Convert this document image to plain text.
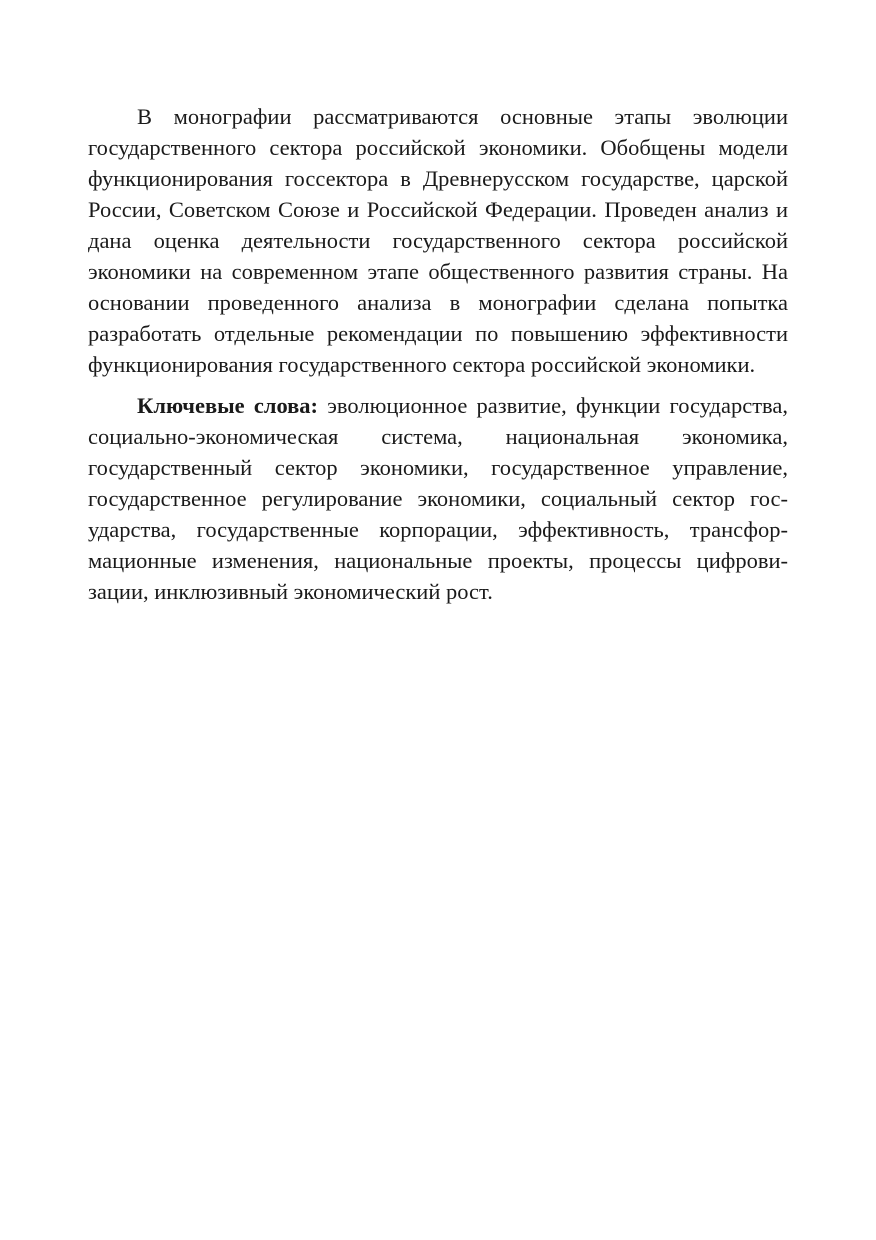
В монографии рассматриваются основные этапы эволюции государственного сектора российской экономики. Обобщены модели функционирования госсектора в Древнерусском государстве, царской России, Советском Союзе и Российской Федерации. Проведен анализ и дана оценка деятельности государственного сектора российской экономики на современном этапе общественного развития страны. На основании проведенного анализа в монографии сделана попытка разработать отдельные рекомендации по повышению эффективности функционирования государственного сектора российской экономики.

Ключевые слова: эволюционное развитие, функции государства, социально-экономическая система, национальная экономика, государственный сектор экономики, государственное управление, государственное регулирование экономики, социальный сектор государства, государственные корпорации, эффективность, трансформационные изменения, национальные проекты, процессы цифровизации, инклюзивный экономический рост.
